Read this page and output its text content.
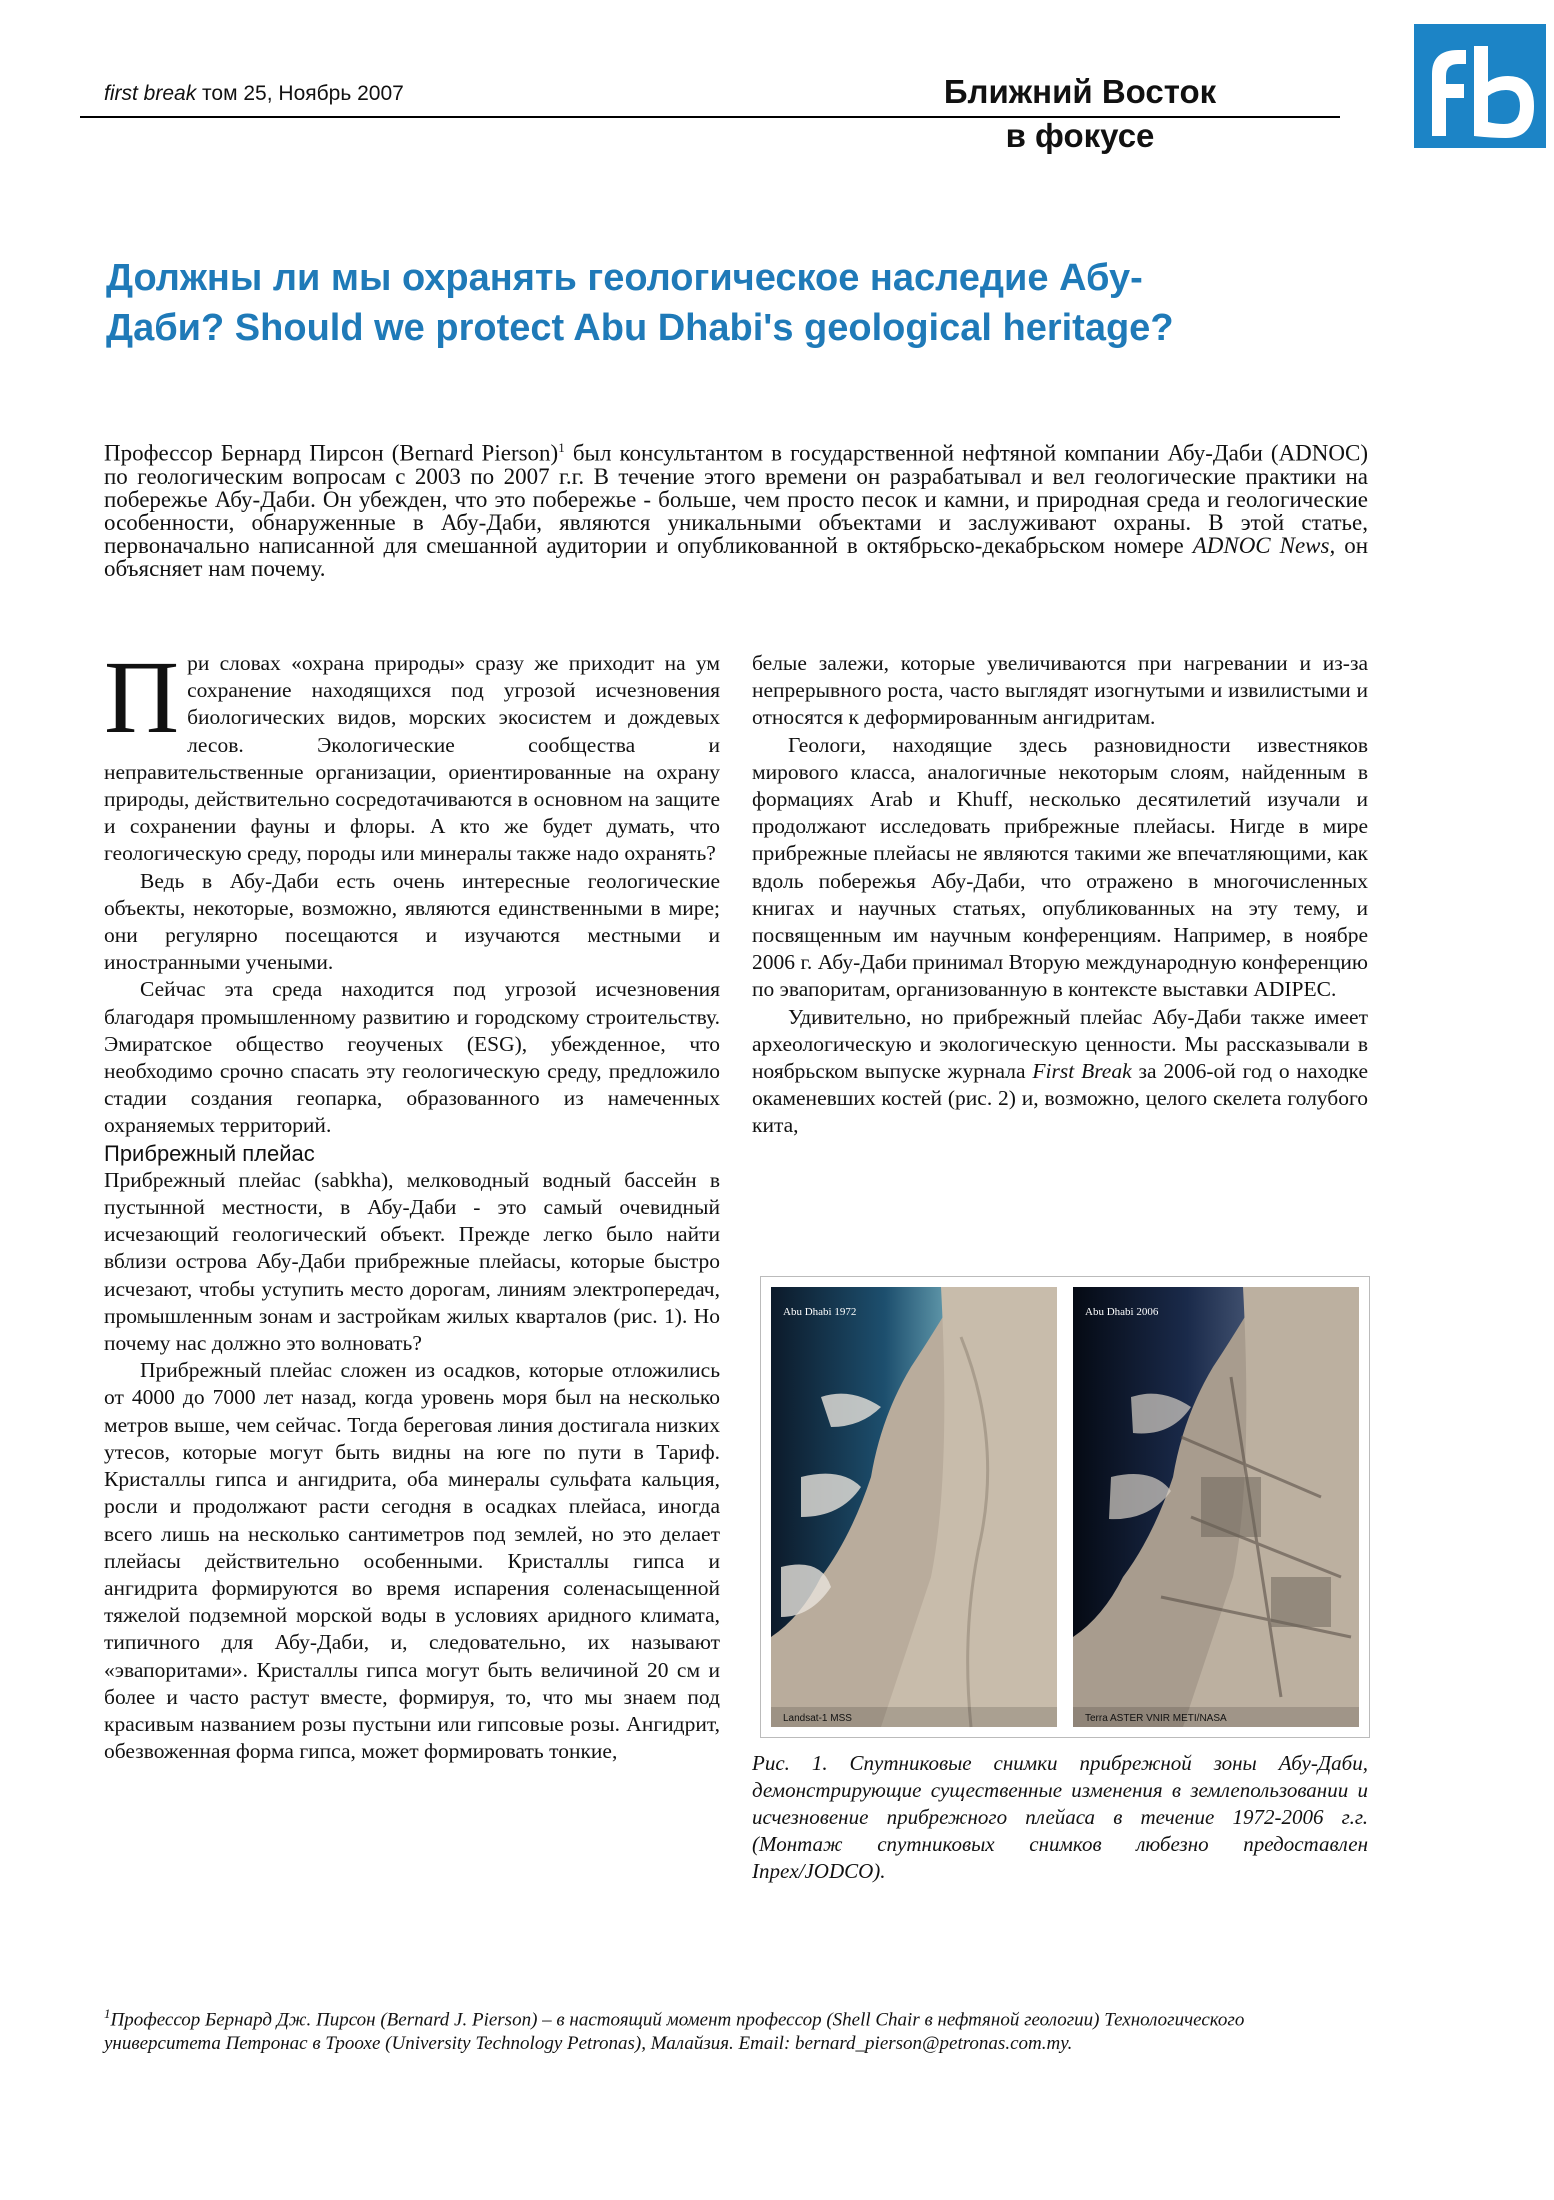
first break том 25, Ноябрь 2007	Ближний Восток
в фокусе
Должны ли мы охранять геологическое наследие Абу-Даби? Should we protect Abu Dhabi's geological heritage?
Профессор Бернард Пирсон (Bernard Pierson)$^1$ был консультантом в государственной нефтяной компании Абу-Даби (ADNOC) по геологическим вопросам с 2003 по 2007 г.г. В течение этого времени он разрабатывал и вел геологические практики на побережье Абу-Даби. Он убежден, что это побережье - больше, чем просто песок и камни, и природная среда и геологические особенности, обнаруженные в Абу-Даби, являются уникальными объектами и заслуживают охраны. В этой статье, первоначально написанной для смешанной аудитории и опубликованной в октябрьско-декабрьском номере ADNOC News, он объясняет нам почему.

При словах «охрана природы» сразу же приходит на ум сохранение находящихся под угрозой исчезновения биологических видов, морских экосистем и дождевых лесов. Экологические сообщества и неправительственные организации, ориентированные на охрану природы, действительно сосредотачиваются в основном на защите и сохранении фауны и флоры. А кто же будет думать, что геологическую среду, породы или минералы также надо охранять?

Ведь в Абу-Даби есть очень интересные геологические объекты, некоторые, возможно, являются единственными в мире; они регулярно посещаются и изучаются местными и иностранными учеными.

Сейчас эта среда находится под угрозой исчезновения благодаря промышленному развитию и городскому строительству. Эмиратское общество геоученых (ESG), убежденное, что необходимо срочно спасать эту геологическую среду, предложило стадии создания геопарка, образованного из намеченных охраняемых территорий.

Прибрежный плейас

Прибрежный плейас (sabkha), мелководный водный бассейн в пустынной местности, в Абу-Даби - это самый очевидный исчезающий геологический объект. Прежде легко было найти вблизи острова Абу-Даби прибрежные плейасы, которые быстро исчезают, чтобы уступить место дорогам, линиям электропередач, промышленным зонам и застройкам жилых кварталов (рис. 1). Но почему нас должно это волновать?

Прибрежный плейас сложен из осадков, которые отложились от 4000 до 7000 лет назад, когда уровень моря был на несколько метров выше, чем сейчас. Тогда береговая линия достигала низких утесов, которые могут быть видны на юге по пути в Тариф. Кристаллы гипса и ангидрита, оба минералы сульфата кальция, росли и продолжают расти сегодня в осадках плейаса, иногда всего лишь на несколько сантиметров под землей, но это делает плейасы действительно особенными. Кристаллы гипса и ангидрита формируются во время испарения соленасыщенной тяжелой подземной морской воды в условиях аридного климата, типичного для Абу-Даби, и, следовательно, их называют «эвапоритами». Кристаллы гипса могут быть величиной 20 см и более и часто растут вместе, формируя, то, что мы знаем под красивым названием розы пустыни или гипсовые розы. Ангидрит, обезвоженная форма гипса, может формировать тонкие,

белые залежи, которые увеличиваются при нагревании и из-за непрерывного роста, часто выглядят изогнутыми и извилистыми и относятся к деформированным ангидритам.

Геологи, находящие здесь разновидности известняков мирового класса, аналогичные некоторым слоям, найденным в формациях Arab и Khuff, несколько десятилетий изучали и продолжают исследовать прибрежные плейасы. Нигде в мире прибрежные плейасы не являются такими же впечатляющими, как вдоль побережья Абу-Даби, что отражено в многочисленных книгах и научных статьях, опубликованных на эту тему, и посвященным им научным конференциям. Например, в ноябре 2006 г. Абу-Даби принимал Вторую международную конференцию по эвапоритам, организованную в контексте выставки ADIPEC.

Удивительно, но прибрежный плейас Абу-Даби также имеет археологическую и экологическую ценности. Мы рассказывали в ноябрьском выпуске журнала First Break за 2006-ой год о находке окаменевших костей (рис. 2) и, возможно, целого скелета голубого кита,

Abu Dhabi 1972	Abu Dhabi 2006
Landsat-1 MSS	Terra ASTER VNIR METI/NASA
Рис. 1. Спутниковые снимки прибрежной зоны Абу-Даби, демонстрирующие существенные изменения в землепользовании и исчезновение прибрежного плейаса в течение 1972-2006 г.г. (Монтаж спутниковых снимков любезно предоставлен Inpex/JODCO).
$^1$Профессор Бернард Дж. Пирсон (Bernard J. Pierson) – в настоящий момент профессор (Shell Chair в нефтяной геологии) Технологического университета Петронас в Троохе (University Technology Petronas), Малайзия. Email: bernard_pierson@petronas.com.my.
